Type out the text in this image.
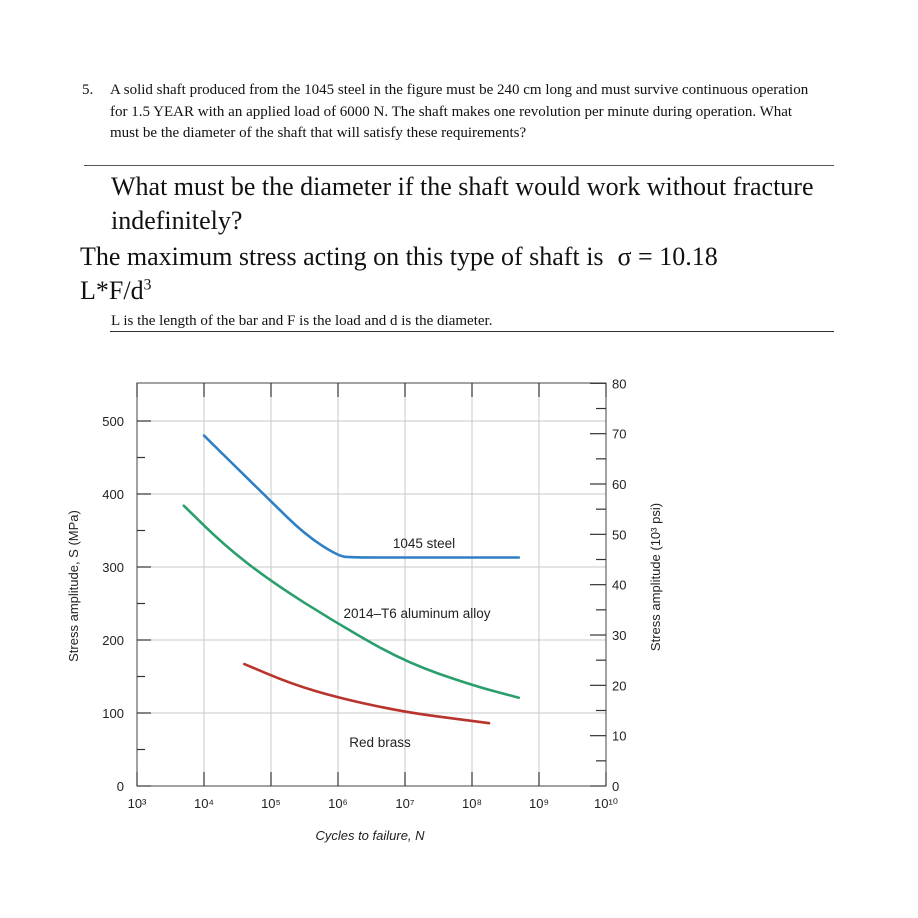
5. A solid shaft produced from the 1045 steel in the figure must be 240 cm long and must survive continuous operation for 1.5 YEAR with an applied load of 6000 N. The shaft makes one revolution per minute during operation. What must be the diameter of the shaft that will satisfy these requirements?
What must be the diameter if the shaft would work without fracture indefinitely?
The maximum stress acting on this type of shaft is σ = 10.18
$L*F/d^3$
L is the length of the bar and F is the load and d is the diameter.
0
100
200
300
400
500
0
10
20
30
40
50
60
70
80
10³	10⁴	10⁵	10⁶	10⁷	10⁸	10⁹	10¹⁰
Cycles to failure, N
Stress amplitude, S (MPa)	Stress amplitude (10³ psi)
1045 steel
2014–T6 aluminum alloy
Red brass
